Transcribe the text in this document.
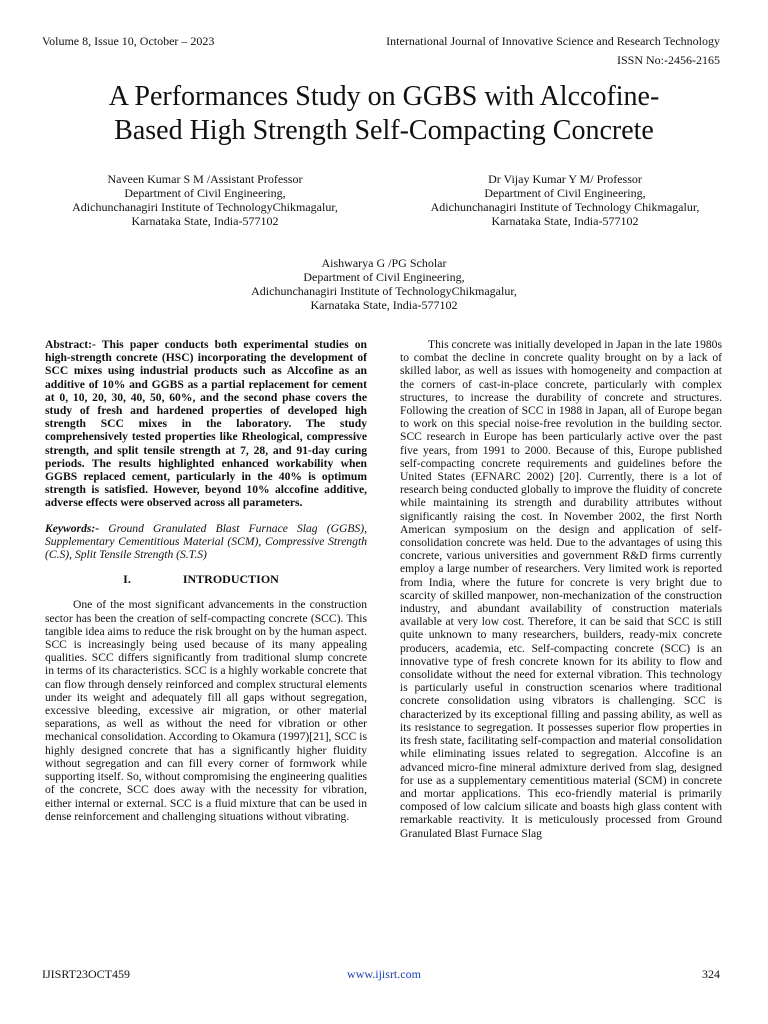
Volume 8, Issue 10, October – 2023	International Journal of Innovative Science and Research Technology
ISSN No:-2456-2165
A Performances Study on GGBS with Alccofine-
Based High Strength Self-Compacting Concrete
Naveen Kumar S M /Assistant Professor
Department of Civil Engineering,
Adichunchanagiri Institute of TechnologyChikmagalur,
Karnataka State, India-577102
Dr Vijay Kumar Y M/ Professor
Department of Civil Engineering,
Adichunchanagiri Institute of Technology Chikmagalur,
Karnataka State, India-577102
Aishwarya G /PG Scholar
Department of Civil Engineering,
Adichunchanagiri Institute of TechnologyChikmagalur,
Karnataka State, India-577102

Abstract:- This paper conducts both experimental studies on high-strength concrete (HSC) incorporating the development of SCC mixes using industrial products such as Alccofine as an additive of 10% and GGBS as a partial replacement for cement at 0, 10, 20, 30, 40, 50, 60%, and the second phase covers the study of fresh and hardened properties of developed high strength SCC mixes in the laboratory. The study comprehensively tested properties like Rheological, compressive strength, and split tensile strength at 7, 28, and 91-day curing periods. The results highlighted enhanced workability when GGBS replaced cement, particularly in the 40% is optimum strength is satisfied. However, beyond 10% alccofine additive, adverse effects were observed across all parameters.

Keywords:- Ground Granulated Blast Furnace Slag (GGBS), Supplementary Cementitious Material (SCM), Compressive Strength (C.S), Split Tensile Strength (S.T.S)

I.	INTRODUCTION

One of the most significant advancements in the construction sector has been the creation of self-compacting concrete (SCC). This tangible idea aims to reduce the risk brought on by the human aspect. SCC is increasingly being used because of its many appealing qualities. SCC differs significantly from traditional slump concrete in terms of its characteristics. SCC is a highly workable concrete that can flow through densely reinforced and complex structural elements under its weight and adequately fill all gaps without segregation, excessive bleeding, excessive air migration, or other material separations, as well as without the need for vibration or other mechanical consolidation. According to Okamura (1997)[21], SCC is highly designed concrete that has a significantly higher fluidity without segregation and can fill every corner of formwork while supporting itself. So, without compromising the engineering qualities of the concrete, SCC does away with the necessity for vibration, either internal or external. SCC is a fluid mixture that can be used in dense reinforcement and challenging situations without vibrating.

This concrete was initially developed in Japan in the late 1980s to combat the decline in concrete quality brought on by a lack of skilled labor, as well as issues with homogeneity and compaction at the corners of cast-in-place concrete, particularly with complex structures, to increase the durability of concrete and structures. Following the creation of SCC in 1988 in Japan, all of Europe began to work on this special noise-free revolution in the building sector. SCC research in Europe has been particularly active over the past five years, from 1991 to 2000. Because of this, Europe published self-compacting concrete requirements and guidelines before the United States (EFNARC 2002) [20]. Currently, there is a lot of research being conducted globally to improve the fluidity of concrete while maintaining its strength and durability attributes without significantly raising the cost. In November 2002, the first North American symposium on the design and application of self-consolidation concrete was held. Due to the advantages of using this concrete, various universities and government R&D firms currently employ a large number of researchers. Very limited work is reported from India, where the future for concrete is very bright due to scarcity of skilled manpower, non-mechanization of the construction industry, and abundant availability of construction materials available at very low cost. Therefore, it can be said that SCC is still quite unknown to many researchers, builders, ready-mix concrete producers, academia, etc. Self-compacting concrete (SCC) is an innovative type of fresh concrete known for its ability to flow and consolidate without the need for external vibration. This technology is particularly useful in construction scenarios where traditional concrete consolidation using vibrators is challenging. SCC is characterized by its exceptional filling and passing ability, as well as its resistance to segregation. It possesses superior flow properties in its fresh state, facilitating self-compaction and material consolidation while eliminating issues related to segregation. Alccofine is an advanced micro-fine mineral admixture derived from slag, designed for use as a supplementary cementitious material (SCM) in concrete and mortar applications. This eco-friendly material is primarily composed of low calcium silicate and boasts high glass content with remarkable reactivity. It is meticulously processed from Ground Granulated Blast Furnace Slag

IJISRT23OCT459	www.ijisrt.com	324
